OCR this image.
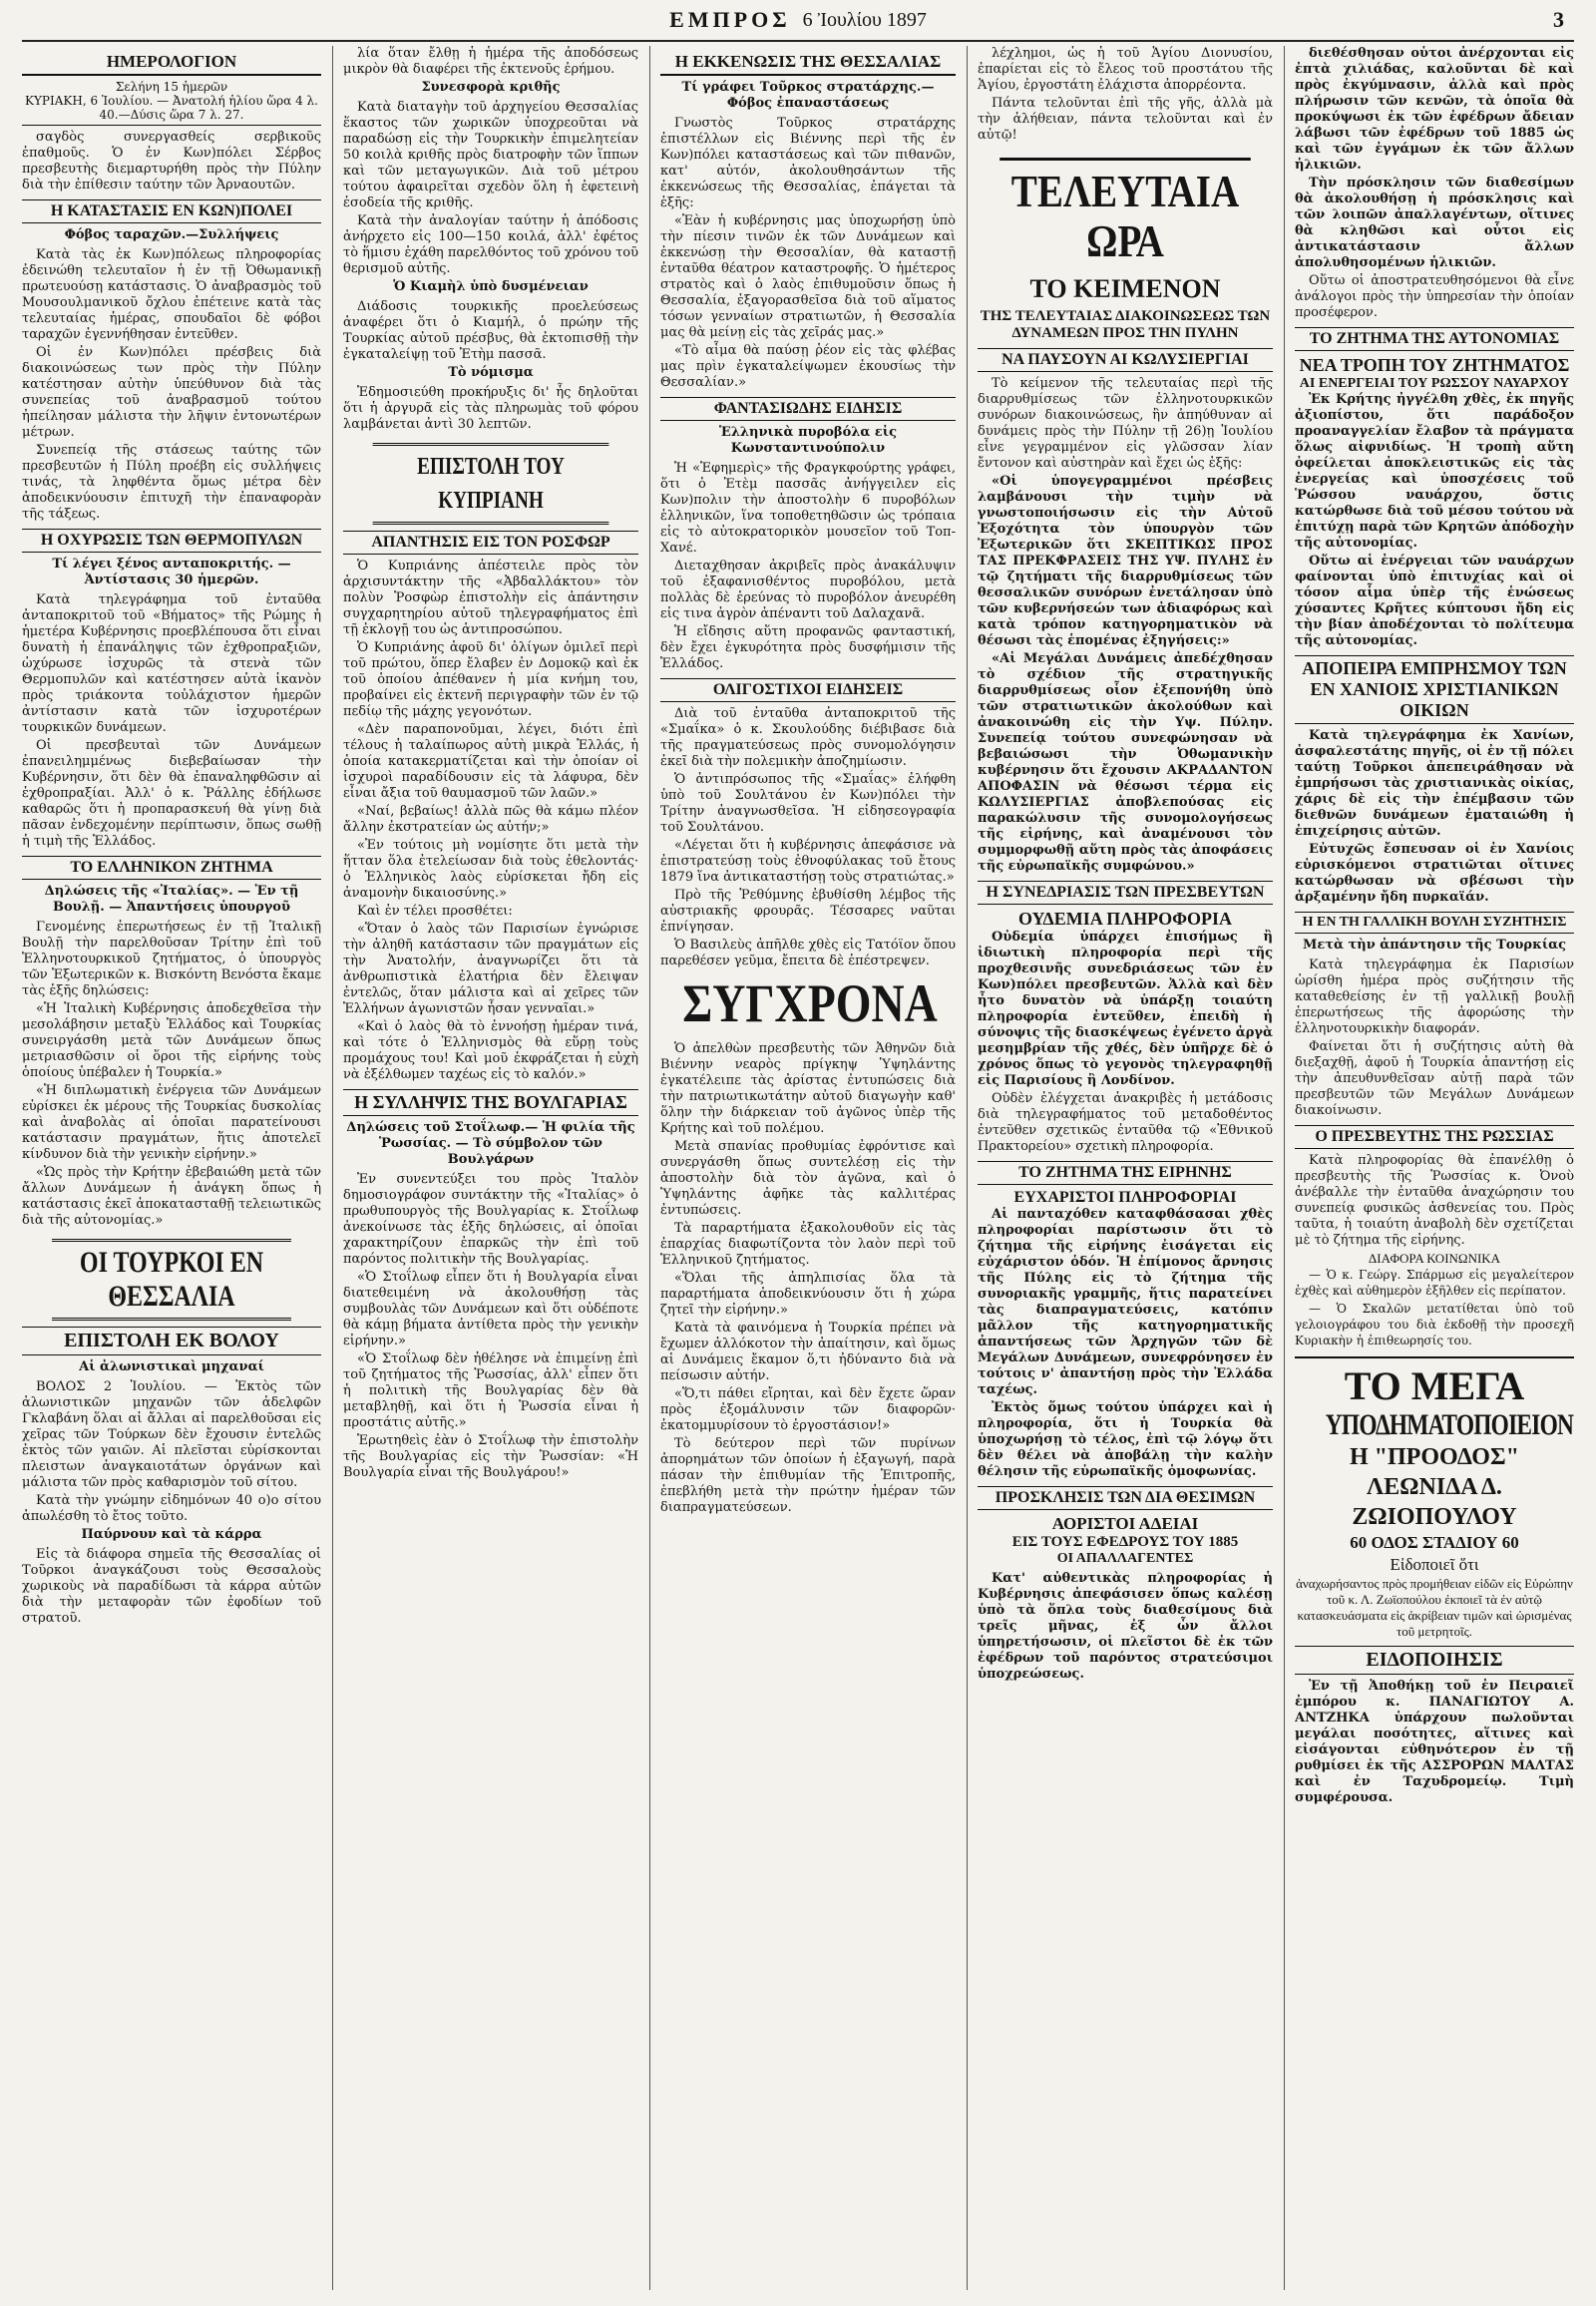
ΕΜΠΡΟΣ 6 Ἰουλίου 1897	3
ΗΜΕΡΟΛΟΓΙΟΝ
Σελήνη 15 ἡμερῶν
ΚΥΡΙΑΚΗ, 6 Ἰουλίου. — Ἀνατολή ἡλίου ὥρα 4 λ. 40.—Δύσις ὥρα 7 λ. 27.

σαγδὸς συνεργασθείς σερβικοῦς ἐπαθμοῦς. Ὁ ἐν Κων)πόλει Σέρβος πρεσβευτὴς διεμαρτυρήθη πρὸς τὴν Πύλην διὰ τὴν ἐπίθεσιν ταύτην τῶν Ἀρναουτῶν.

Η ΚΑΤΑΣΤΑΣΙΣ ΕΝ ΚΩΝ)ΠΟΛΕΙ
Φόβος ταραχῶν.—Συλλήψεις

Κατὰ τὰς ἐκ Κων)πόλεως πληροφορίας ἐδεινώθη τελευταῖον ἡ ἐν τῇ Ὀθωμανικῇ πρωτευούσῃ κατάστασις. Ὁ ἀναβρασμὸς τοῦ Μουσουλμανικοῦ ὄχλου ἐπέτεινε κατὰ τὰς τελευταίας ἡμέρας, σπουδαῖοι δὲ φόβοι ταραχῶν ἐγεννήθησαν ἐντεῦθεν.

Οἱ ἐν Κων)πόλει πρέσβεις διὰ διακοινώσεως των πρὸς τὴν Πύλην κατέστησαν αὐτὴν ὑπεύθυνον διὰ τὰς συνεπείας τοῦ ἀναβρασμοῦ τούτου ἠπείλησαν μάλιστα τὴν λῆψιν ἐντονωτέρων μέτρων.

Συνεπείᾳ τῆς στάσεως ταύτης τῶν πρεσβευτῶν ἡ Πύλη προέβη εἰς συλλήψεις τινάς, τὰ ληφθέντα ὅμως μέτρα δὲν ἀποδεικνύουσιν ἐπιτυχῆ τὴν ἐπαναφορὰν τῆς τάξεως.

Η ΟΧΥΡΩΣΙΣ ΤΩΝ ΘΕΡΜΟΠΥΛΩΝ
Τί λέγει ξένος ανταποκριτής. — Ἀντίστασις 30 ἡμερῶν.

Κατὰ τηλεγράφημα τοῦ ἐνταῦθα ἀνταποκριτοῦ τοῦ «Βήματος» τῆς Ρώμης ἡ ἡμετέρα Κυβέρνησις προεβλέπουσα ὅτι εἶναι δυνατὴ ἡ ἐπανάληψις τῶν ἐχθροπραξιῶν, ὠχύρωσε ἰσχυρῶς τὰ στενὰ τῶν Θερμοπυλῶν καὶ κατέστησεν αὐτὰ ἱκανὸν πρὸς τριάκοντα τοὐλάχιστον ἡμερῶν ἀντίστασιν κατὰ τῶν ἰσχυροτέρων τουρκικῶν δυνάμεων.

Οἱ πρεσβευταὶ τῶν Δυνάμεων ἐπανειλημμένως διεβεβαίωσαν τὴν Κυβέρνησιν, ὅτι δὲν θὰ ἐπαναληφθῶσιν αἱ ἐχθροπραξίαι. Ἀλλ' ὁ κ. Ῥάλλης ἐδήλωσε καθαρῶς ὅτι ἡ προπαρασκευή θὰ γίνῃ διὰ πᾶσαν ἐνδεχομένην περίπτωσιν, ὅπως σωθῇ ἡ τιμὴ τῆς Ἑλλάδος.

ΤΟ ΕΛΛΗΝΙΚΟΝ ΖΗΤΗΜΑ
Δηλώσεις τῆς «Ἰταλίας». — Ἐν τῇ Βουλῇ. — Ἀπαντήσεις ὑπουργοῦ

Γενομένης ἐπερωτήσεως ἐν τῇ Ἰταλικῇ Βουλῇ τὴν παρελθοῦσαν Τρίτην ἐπὶ τοῦ Ἑλληνοτουρκικοῦ ζητήματος, ὁ ὑπουργὸς τῶν Ἐξωτερικῶν κ. Βισκόντη Βενόστα ἔκαμε τὰς ἑξῆς δηλώσεις:

«Ἡ Ἰταλικὴ Κυβέρνησις ἀποδεχθεῖσα τὴν μεσολάβησιν μεταξὺ Ἑλλάδος καὶ Τουρκίας συνειργάσθη μετὰ τῶν Δυνάμεων ὅπως μετριασθῶσιν οἱ ὅροι τῆς εἰρήνης τοὺς ὁποίους ὑπέβαλεν ἡ Τουρκία.»

«Ἡ διπλωματικὴ ἐνέργεια τῶν Δυνάμεων εὑρίσκει ἐκ μέρους τῆς Τουρκίας δυσκολίας καὶ ἀναβολὰς αἱ ὁποῖαι παρατείνουσι κατάστασιν πραγμάτων, ἥτις ἀποτελεῖ κίνδυνον διὰ τὴν γενικὴν εἰρήνην.»

«Ὡς πρὸς τὴν Κρήτην ἐβεβαιώθη μετὰ τῶν ἄλλων Δυνάμεων ἡ ἀνάγκη ὅπως ἡ κατάστασις ἐκεῖ ἀποκατασταθῇ τελειωτικῶς διὰ τῆς αὐτονομίας.»

ΟΙ ΤΟΥΡΚΟΙ ΕΝ ΘΕΣΣΑΛΙΑ
ΕΠΙΣΤΟΛΗ ΕΚ ΒΟΛΟΥ
Αἱ ἀλωνιστικαὶ μηχαναί

ΒΟΛΟΣ 2 Ἰουλίου. — Ἐκτὸς τῶν ἀλωνιστικῶν μηχανῶν τῶν ἀδελφῶν Γκλαβάνη ὅλαι αἱ ἄλλαι αἱ παρελθοῦσαι εἰς χεῖρας τῶν Τούρκων δὲν ἔχουσιν ἐντελῶς ἐκτὸς τῶν γαιῶν. Αἱ πλεῖσται εὑρίσκονται πλειστων ἀναγκαιοτάτων ὀργάνων καὶ μάλιστα τῶν πρὸς καθαρισμὸν τοῦ σίτου.

Κατὰ τὴν γνώμην εἰδημόνων 40 ο)ο σίτου ἀπωλέσθη τὸ ἔτος τοῦτο.

Παύρνουν καὶ τὰ κάρρα

Εἰς τὰ διάφορα σημεῖα τῆς Θεσσαλίας οἱ Τοῦρκοι ἀναγκάζουσι τοὺς Θεσσαλοὺς χωρικοὺς νὰ παραδίδωσι τὰ κάρρα αὐτῶν διὰ τὴν μεταφορὰν τῶν ἐφοδίων τοῦ στρατοῦ.

λία ὅταν ἔλθῃ ἡ ἡμέρα τῆς ἀποδόσεως μικρὸν θὰ διαφέρει τῆς ἐκτενοῦς ἐρήμου.

Συνεσφορὰ κριθῆς

Κατὰ διαταγὴν τοῦ ἀρχηγείου Θεσσαλίας ἕκαστος τῶν χωρικῶν ὑποχρεοῦται νὰ παραδώσῃ εἰς τὴν Τουρκικὴν ἐπιμελητείαν 50 κοιλὰ κριθῆς πρὸς διατροφὴν τῶν ἵππων καὶ τῶν μεταγωγικῶν. Διὰ τοῦ μέτρου τούτου ἀφαιρεῖται σχεδὸν ὅλη ἡ ἐφετεινὴ ἐσοδεία τῆς κριθῆς.

Κατὰ τὴν ἀναλογίαν ταύτην ἡ ἀπόδοσις ἀνήρχετο εἰς 100—150 κοιλά, ἀλλ' ἐφέτος τὸ ἥμισυ ἐχάθη παρελθόντος τοῦ χρόνου τοῦ θερισμοῦ αὐτῆς.

Ὁ Κιαμὴλ ὑπὸ δυσμένειαν

Διάδοσις τουρκικῆς προελεύσεως ἀναφέρει ὅτι ὁ Κιαμήλ, ὁ πρώην τῆς Τουρκίας αὐτοῦ πρέσβυς, θὰ ἐκτοπισθῇ τὴν ἐγκαταλείψῃ τοῦ Ἐτὴμ πασσᾶ.

Τὸ νόμισμα

Ἐδημοσιεύθη προκήρυξις δι' ἧς δηλοῦται ὅτι ἡ ἀργυρᾶ εἰς τὰς πληρωμὰς τοῦ φόρου λαμβάνεται ἀντὶ 30 λεπτῶν.

ΕΠΙΣΤΟΛΗ ΤΟΥ ΚΥΠΡΙΑΝΗ
ΑΠΑΝΤΗΣΙΣ ΕΙΣ ΤΟΝ ΡΟΣΦΩΡ

Ὁ Κυπριάνης ἀπέστειλε πρὸς τὸν ἀρχισυντάκτην τῆς «Ἀβδαλλάκτου» τὸν πολὺν Ῥοσφὼρ ἐπιστολὴν εἰς ἀπάντησιν συγχαρητηρίου αὐτοῦ τηλεγραφήματος ἐπὶ τῇ ἐκλογῇ του ὡς ἀντιπροσώπου.

Ὁ Κυπριάνης ἀφοῦ δι' ὀλίγων ὁμιλεῖ περὶ τοῦ πρώτου, ὅπερ ἔλαβεν ἐν Δομοκῷ καὶ ἐκ τοῦ ὁποίου ἀπέθανεν ἡ μία κνήμη του, προβαίνει εἰς ἐκτενῆ περιγραφὴν τῶν ἐν τῷ πεδίῳ τῆς μάχης γεγονότων.

«Δὲν παραπονοῦμαι, λέγει, διότι ἐπὶ τέλους ἡ ταλαίπωρος αὐτὴ μικρὰ Ἑλλάς, ἡ ὁποία κατακερματίζεται καὶ τὴν ὁποίαν οἱ ἰσχυροὶ παραδίδουσιν εἰς τὰ λάφυρα, δὲν εἶναι ἄξια τοῦ θαυμασμοῦ τῶν λαῶν.»

«Ναί, βεβαίως! ἀλλὰ πῶς θὰ κάμω πλέον ἄλλην ἐκστρατείαν ὡς αὐτήν;»

«Ἐν τούτοις μὴ νομίσητε ὅτι μετὰ τὴν ἥτταν ὅλα ἐτελείωσαν διὰ τοὺς ἐθελοντάς· ὁ Ἑλληνικὸς λαὸς εὑρίσκεται ἤδη εἰς ἀναμονὴν δικαιοσύνης.»

Καὶ ἐν τέλει προσθέτει:

«Ὅταν ὁ λαὸς τῶν Παρισίων ἐγνώρισε τὴν ἀληθῆ κατάστασιν τῶν πραγμάτων εἰς τὴν Ἀνατολήν, ἀναγνωρίζει ὅτι τὰ ἀνθρωπιστικὰ ἐλατήρια δὲν ἔλειψαν ἐντελῶς, ὅταν μάλιστα καὶ αἱ χεῖρες τῶν Ἑλλήνων ἀγωνιστῶν ἦσαν γενναῖαι.»

«Καὶ ὁ λαὸς θὰ τὸ ἐννοήσῃ ἡμέραν τινά, καὶ τότε ὁ Ἑλληνισμὸς θὰ εὕρῃ τοὺς προμάχους του! Καὶ μοῦ ἐκφράζεται ἡ εὐχὴ νὰ ἐξέλθωμεν ταχέως εἰς τὸ καλόν.»

Η ΣΥΛΛΗΨΙΣ ΤΗΣ ΒΟΥΛΓΑΡΙΑΣ
Δηλώσεις τοῦ Στοΐλωφ.— Ἡ φιλία τῆς Ῥωσσίας. — Τὸ σύμβολον τῶν Βουλγάρων

Ἐν συνεντεύξει του πρὸς Ἰταλὸν δημοσιογράφον συντάκτην τῆς «Ἰταλίας» ὁ πρωθυπουργὸς τῆς Βουλγαρίας κ. Στοΐλωφ ἀνεκοίνωσε τὰς ἑξῆς δηλώσεις, αἱ ὁποῖαι χαρακτηρίζουν ἐπαρκῶς τὴν ἐπὶ τοῦ παρόντος πολιτικὴν τῆς Βουλγαρίας.

«Ὁ Στοΐλωφ εἶπεν ὅτι ἡ Βουλγαρία εἶναι διατεθειμένη νὰ ἀκολουθήσῃ τὰς συμβουλὰς τῶν Δυνάμεων καὶ ὅτι οὐδέποτε θὰ κάμῃ βήματα ἀντίθετα πρὸς τὴν γενικὴν εἰρήνην.»

«Ὁ Στοΐλωφ δὲν ἠθέλησε νὰ ἐπιμείνῃ ἐπὶ τοῦ ζητήματος τῆς Ῥωσσίας, ἀλλ' εἶπεν ὅτι ἡ πολιτικὴ τῆς Βουλγαρίας δὲν θὰ μεταβληθῇ, καὶ ὅτι ἡ Ῥωσσία εἶναι ἡ προστάτις αὐτῆς.»

Ἐρωτηθεὶς ἐὰν ὁ Στοΐλωφ τὴν ἐπιστολὴν τῆς Βουλγαρίας εἰς τὴν Ῥωσσίαν: «Ἡ Βουλγαρία εἶναι τῆς Βουλγάρου!»

Η ΕΚΚΕΝΩΣΙΣ ΤΗΣ ΘΕΣΣΑΛΙΑΣ
Τί γράφει Τοῦρκος στρατάρχης.—Φόβος ἐπαναστάσεως

Γνωστὸς Τοῦρκος στρατάρχης ἐπιστέλλων εἰς Βιέννης περὶ τῆς ἐν Κων)πόλει καταστάσεως καὶ τῶν πιθανῶν, κατ' αὐτόν, ἀκολουθησάντων τῆς ἐκκενώσεως τῆς Θεσσαλίας, ἐπάγεται τὰ ἑξῆς:

«Ἐὰν ἡ κυβέρνησις μας ὑποχωρήσῃ ὑπὸ τὴν πίεσιν τινῶν ἐκ τῶν Δυνάμεων καὶ ἐκκενώσῃ τὴν Θεσσαλίαν, θὰ καταστῇ ἐνταῦθα θέατρον καταστροφῆς. Ὁ ἡμέτερος στρατὸς καὶ ὁ λαὸς ἐπιθυμοῦσιν ὅπως ἡ Θεσσαλία, ἐξαγορασθεῖσα διὰ τοῦ αἵματος τόσων γενναίων στρατιωτῶν, ἡ Θεσσαλία μας θὰ μείνῃ εἰς τὰς χεῖράς μας.»

«Τὸ αἷμα θὰ παύσῃ ῥέον εἰς τὰς φλέβας μας πρὶν ἐγκαταλείψωμεν ἑκουσίως τὴν Θεσσαλίαν.»

ΦΑΝΤΑΣΙΩΔΗΣ ΕΙΔΗΣΙΣ
Ἑλληνικὰ πυροβόλα εἰς Κωνσταντινούπολιν

Ἡ «Ἐφημερὶς» τῆς Φραγκφούρτης γράφει, ὅτι ὁ Ἐτὲμ πασσᾶς ἀνήγγειλεν εἰς Κων)πολιν τὴν ἀποστολὴν 6 πυροβόλων ἑλληνικῶν, ἵνα τοποθετηθῶσιν ὡς τρόπαια εἰς τὸ αὐτοκρατορικὸν μουσεῖον τοῦ Τοπ-Χανέ.

Διεταχθησαν ἀκριβεῖς πρὸς ἀνακάλυψιν τοῦ ἐξαφανισθέντος πυροβόλου, μετὰ πολλὰς δὲ ἐρεύνας τὸ πυροβόλον ἀνευρέθη εἰς τινα ἀγρὸν ἀπέναντι τοῦ Δαλαχανᾶ.

Ἡ εἴδησις αὕτη προφανῶς φανταστική, δὲν ἔχει ἐγκυρότητα πρὸς δυσφήμισιν τῆς Ἑλλάδος.

ΟΛΙΓΟΣΤΙΧΟΙ ΕΙΔΗΣΕΙΣ

Διὰ τοῦ ἐνταῦθα ἀνταποκριτοῦ τῆς «Σμαΐκα» ὁ κ. Σκουλούδης διέβιβασε διὰ τῆς πραγματεύσεως πρὸς συνομολόγησιν ἐκεῖ διὰ τὴν πολεμικὴν ἀποζημίωσιν.

Ὁ ἀντιπρόσωπος τῆς «Σμαΐας» ἐλήφθη ὑπὸ τοῦ Σουλτάνου ἐν Κων)πόλει τὴν Τρίτην ἀναγνωσθεῖσα. Ἡ εἰδησεογραφία τοῦ Σουλτάνου.

«Λέγεται ὅτι ἡ κυβέρνησις ἀπεφάσισε νὰ ἐπιστρατεύσῃ τοὺς ἐθνοφύλακας τοῦ ἔτους 1879 ἵνα ἀντικαταστήσῃ τοὺς στρατιώτας.»

Πρὸ τῆς Ῥεθύμνης ἐβυθίσθη λέμβος τῆς αὐστριακῆς φρουρᾶς. Τέσσαρες ναῦται ἐπνίγησαν.

Ὁ Βασιλεὺς ἀπῆλθε χθὲς εἰς Τατόϊον ὅπου παρεθέσεν γεῦμα, ἔπειτα δὲ ἐπέστρεψεν.

ΣΥΓΧΡΟΝΑ

Ὁ ἀπελθὼν πρεσβευτὴς τῶν Ἀθηνῶν διὰ Βιέννην νεαρὸς πρίγκηψ Ὑψηλάντης ἐγκατέλειπε τὰς ἀρίστας ἐντυπώσεις διὰ τὴν πατριωτικωτάτην αὐτοῦ διαγωγὴν καθ' ὅλην τὴν διάρκειαν τοῦ ἀγῶνος ὑπὲρ τῆς Κρήτης καὶ τοῦ πολέμου.

Μετὰ σπανίας προθυμίας ἐφρόντισε καὶ συνεργάσθη ὅπως συντελέσῃ εἰς τὴν ἀποστολὴν διὰ τὸν ἀγῶνα, καὶ ὁ Ὑψηλάντης ἀφῆκε τὰς καλλιτέρας ἐντυπώσεις.

Τὰ παραρτήματα ἐξακολουθοῦν εἰς τὰς ἐπαρχίας διαφωτίζοντα τὸν λαὸν περὶ τοῦ Ἑλληνικοῦ ζητήματος.

«Ὅλαι τῆς ἀπηλπισίας ὅλα τὰ παραρτήματα ἀποδεικνύουσιν ὅτι ἡ χώρα ζητεῖ τὴν εἰρήνην.»

Κατὰ τὰ φαινόμενα ἡ Τουρκία πρέπει νὰ ἔχωμεν ἀλλόκοτον τὴν ἀπαίτησιν, καὶ ὅμως αἱ Δυνάμεις ἔκαμον ὅ,τι ἠδύναντο διὰ νὰ πείσωσιν αὐτήν.

«Ὅ,τι πάθει εἴρηται, καὶ δὲν ἔχετε ὥραν πρὸς ἐξομάλυνσιν τῶν διαφορῶν· ἐκατομμυρίσουν τὸ ἐργοστάσιον!»

Τὸ δεύτερον περὶ τῶν πυρίνων ἀπορημάτων τῶν ὁποίων ἡ ἐξαγωγή, παρὰ πάσαν τὴν ἐπιθυμίαν τῆς Ἐπιτροπῆς, ἐπεβλήθη μετὰ τὴν πρώτην ἡμέραν τῶν διαπραγματεύσεων.

λέχλημοι, ὡς ἡ τοῦ Ἁγίου Διονυσίου, ἐπαρίεται εἰς τὸ ἔλεος τοῦ προστάτου τῆς Ἁγίου, ἐργοστάτη ἐλάχιστα ἀπορρέοντα.

Πάντα τελοῦνται ἐπὶ τῆς γῆς, ἀλλὰ μὰ τὴν ἀλήθειαν, πάντα τελοῦνται καὶ ἐν αὐτῷ!

ΤΕΛΕΥΤΑΙΑ ΩΡΑ
ΤΟ ΚΕΙΜΕΝΟΝ
ΤΗΣ ΤΕΛΕΥΤΑΙΑΣ ΔΙΑΚΟΙΝΩΣΕΩΣ ΤΩΝ ΔΥΝΑΜΕΩΝ ΠΡΟΣ ΤΗΝ ΠΥΛΗΝ
ΝΑ ΠΑΥΣΟΥΝ ΑΙ ΚΩΛΥΣΙΕΡΓΙΑΙ

Τὸ κείμενον τῆς τελευταίας περὶ τῆς διαρρυθμίσεως τῶν ἑλληνοτουρκικῶν συνόρων διακοινώσεως, ἣν ἀπηύθυναν αἱ δυνάμεις πρὸς τὴν Πύλην τῇ 26)ῃ Ἰουλίου εἶνε γεγραμμένον εἰς γλῶσσαν λίαν ἔντονον καὶ αὐστηρὰν καὶ ἔχει ὡς ἑξῆς:

«Οἱ ὑπογεγραμμένοι πρέσβεις λαμβάνουσι τὴν τιμὴν νὰ γνωστοποιήσωσιν εἰς τὴν Αὐτοῦ Ἐξοχότητα τὸν ὑπουργὸν τῶν Ἐξωτερικῶν ὅτι ΣΚΕΠΤΙΚΩΣ ΠΡΟΣ ΤΑΣ ΠΡΕΚΦΡΑΣΕΙΣ ΤΗΣ ΥΨ. ΠΥΛΗΣ ἐν τῷ ζητήματι τῆς διαρρυθμίσεως τῶν θεσσαλικῶν συνόρων ἐνετάλησαν ὑπὸ τῶν κυβερνήσεών των ἀδιαφόρως καὶ κατὰ τρόπον κατηγορηματικὸν νὰ θέσωσι τὰς ἑπομένας ἐξηγήσεις:»

«Αἱ Μεγάλαι Δυνάμεις ἀπεδέχθησαν τὸ σχέδιον τῆς στρατηγικῆς διαρρυθμίσεως οἷον ἐξεπονήθη ὑπὸ τῶν στρατιωτικῶν ἀκολούθων καὶ ἀνακοινώθη εἰς τὴν Υψ. Πύλην. Συνεπείᾳ τούτου συνεφώνησαν νὰ βεβαιώσωσι τὴν Ὀθωμανικὴν κυβέρνησιν ὅτι ἔχουσιν ΑΚΡΑΔΑΝΤΟΝ ΑΠΟΦΑΣΙΝ νὰ θέσωσι τέρμα εἰς ΚΩΛΥΣΙΕΡΓΙΑΣ ἀποβλεπούσας εἰς παρακώλυσιν τῆς συνομολογήσεως τῆς εἰρήνης, καὶ ἀναμένουσι τὸν συμμορφωθῇ αὕτη πρὸς τὰς ἀποφάσεις τῆς εὐρωπαϊκῆς συμφώνου.»

Η ΣΥΝΕΔΡΙΑΣΙΣ ΤΩΝ ΠΡΕΣΒΕΥΤΩΝ
ΟΥΔΕΜΙΑ ΠΛΗΡΟΦΟΡΙΑ

Οὐδεμία ὑπάρχει ἐπισήμως ἢ ἰδιωτικὴ πληροφορία περὶ τῆς προχθεσινῆς συνεδριάσεως τῶν ἐν Κων)πόλει πρεσβευτῶν. Ἀλλὰ καὶ δὲν ἦτο δυνατὸν νὰ ὑπάρξῃ τοιαύτη πληροφορία ἐντεῦθεν, ἐπειδὴ ἡ σύνοψις τῆς διασκέψεως ἐγένετο ἀργὰ μεσημβρίαν τῆς χθές, δὲν ὑπῆρχε δὲ ὁ χρόνος ὅπως τὸ γεγονὸς τηλεγραφηθῇ εἰς Παρισίους ἢ Λονδίνον.

Οὐδὲν ἐλέγχεται ἀνακριβὲς ἡ μετάδοσις διὰ τηλεγραφήματος τοῦ μεταδοθέντος ἐντεῦθεν σχετικῶς ἐνταῦθα τῷ «Ἐθνικοῦ Πρακτορείου» σχετικὴ πληροφορία.

ΤΟ ΖΗΤΗΜΑ ΤΗΣ ΕΙΡΗΝΗΣ
ΕΥΧΑΡΙΣΤΟΙ ΠΛΗΡΟΦΟΡΙΑΙ

Αἱ πανταχόθεν καταφθάσασαι χθὲς πληροφορίαι παρίστωσιν ὅτι τὸ ζήτημα τῆς εἰρήνης ἐισάγεται εἰς εὐχάριστον ὁδόν. Ἡ ἐπίμονος ἄρνησις τῆς Πύλης εἰς τὸ ζήτημα τῆς συνοριακῆς γραμμῆς, ἥτις παρατείνει τὰς διαπραγματεύσεις, κατόπιν μᾶλλον τῆς κατηγορηματικῆς ἀπαντήσεως τῶν Ἀρχηγῶν τῶν δὲ Μεγάλων Δυνάμεων, συνεφρόνησεν ἐν τούτοις ν' ἀπαντήσῃ πρὸς τὴν Ἑλλάδα ταχέως.

Ἐκτὸς ὅμως τούτου ὑπάρχει καὶ ἡ πληροφορία, ὅτι ἡ Τουρκία θὰ ὑποχωρήσῃ τὸ τέλος, ἐπὶ τῷ λόγῳ ὅτι δὲν θέλει νὰ ἀποβάλῃ τὴν καλὴν θέλησιν τῆς εὐρωπαϊκῆς ὁμοφωνίας.

ΠΡΟΣΚΛΗΣΙΣ ΤΩΝ ΔΙΑ ΘΕΣΙΜΩΝ
ΑΟΡΙΣΤΟΙ ΑΔΕΙΑΙ
ΕΙΣ ΤΟΥΣ ΕΦΕΔΡΟΥΣ ΤΟΥ 1885
ΟΙ ΑΠΑΛΛΑΓΕΝΤΕΣ

Κατ' αὐθεντικὰς πληροφορίας ἡ Κυβέρνησις ἀπεφάσισεν ὅπως καλέσῃ ὑπὸ τὰ ὅπλα τοὺς διαθεσίμους διὰ τρεῖς μῆνας, ἐξ ὧν ἄλλοι ὑπηρετήσωσιν, οἱ πλεῖστοι δὲ ἐκ τῶν ἐφέδρων τοῦ παρόντος στρατεύσιμοι ὑποχρεώσεως.

διεθέσθησαν οὗτοι ἀνέρχονται εἰς ἐπτὰ χιλιάδας, καλοῦνται δὲ καὶ πρὸς ἐκγύμνασιν, ἀλλὰ καὶ πρὸς πλήρωσιν τῶν κενῶν, τὰ ὁποῖα θὰ προκύψωσι ἐκ τῶν ἐφέδρων ἄδειαν λάβωσι τῶν ἐφέδρων τοῦ 1885 ὡς καὶ τῶν ἐγγάμων ἐκ τῶν ἄλλων ἡλικιῶν.

Τὴν πρόσκλησιν τῶν διαθεσίμων θὰ ἀκολουθήσῃ ἡ πρόσκλησις καὶ τῶν λοιπῶν ἀπαλλαγέντων, οἵτινες θὰ κληθῶσι καὶ οὗτοι εἰς ἀντικατάστασιν ἄλλων ἀπολυθησομένων ἡλικιῶν.

Οὕτω οἱ ἀποστρατευθησόμενοι θὰ εἶνε ἀνάλογοι πρὸς τὴν ὑπηρεσίαν τὴν ὁποίαν προσέφερον.

ΤΟ ΖΗΤΗΜΑ ΤΗΣ ΑΥΤΟΝΟΜΙΑΣ
ΝΕΑ ΤΡΟΠΗ ΤΟΥ ΖΗΤΗΜΑΤΟΣ
ΑΙ ΕΝΕΡΓΕΙΑΙ ΤΟΥ ΡΩΣΣΟΥ ΝΑΥΑΡΧΟΥ

Ἐκ Κρήτης ἠγγέλθη χθὲς, ἐκ πηγῆς ἀξιοπίστου, ὅτι παράδοξον προαναγγελίαν ἔλαβον τὰ πράγματα ὅλως αἰφνιδίως. Ἡ τροπὴ αὕτη ὀφείλεται ἀποκλειστικῶς εἰς τὰς ἐνεργείας καὶ ὑποσχέσεις τοῦ Ῥώσσου ναυάρχου, ὅστις κατώρθωσε διὰ τοῦ μέσου τούτου νὰ ἐπιτύχῃ παρὰ τῶν Κρητῶν ἀπόδοχὴν τῆς αὐτονομίας.

Οὕτω αἱ ἐνέργειαι τῶν ναυάρχων φαίνονται ὑπὸ ἐπιτυχίας καὶ οἱ τόσον αἷμα ὑπὲρ τῆς ἑνώσεως χύσαντες Κρῆτες κύπτουσι ἤδη εἰς τὴν βίαν ἀποδέχονται τὸ πολίτευμα τῆς αὐτονομίας.

ΑΠΟΠΕΙΡΑ ΕΜΠΡΗΣΜΟΥ ΤΩΝ ΕΝ ΧΑΝΙΟΙΣ ΧΡΙΣΤΙΑΝΙΚΩΝ ΟΙΚΙΩΝ

Κατὰ τηλεγράφημα ἐκ Χανίων, ἀσφαλεστάτης πηγῆς, οἱ ἐν τῇ πόλει ταύτῃ Τοῦρκοι ἀπεπειράθησαν νὰ ἐμπρήσωσι τὰς χριστιανικὰς οἰκίας, χάρις δὲ εἰς τὴν ἐπέμβασιν τῶν διεθνῶν δυνάμεων ἐματαιώθη ἡ ἐπιχείρησις αὐτῶν.

Εὐτυχῶς ἔσπευσαν οἱ ἐν Χανίοις εὑρισκόμενοι στρατιῶται οἵτινες κατώρθωσαν νὰ σβέσωσι τὴν ἀρξαμένην ἤδη πυρκαϊάν.

Η ΕΝ ΤΗ ΓΑΛΛΙΚΗ ΒΟΥΛΗ ΣΥΖΗΤΗΣΙΣ
Μετὰ τὴν ἀπάντησιν τῆς Τουρκίας

Κατὰ τηλεγράφημα ἐκ Παρισίων ὡρίσθη ἡμέρα πρὸς συζήτησιν τῆς καταθεθείσης ἐν τῇ γαλλικῇ βουλῇ ἐπερωτήσεως τῆς ἀφορώσης τὴν ἑλληνοτουρκικὴν διαφοράν.

Φαίνεται ὅτι ἡ συζήτησις αὐτὴ θὰ διεξαχθῇ, ἀφοῦ ἡ Τουρκία ἀπαντήσῃ εἰς τὴν ἀπευθυνθεῖσαν αὐτῇ παρὰ τῶν πρεσβευτῶν τῶν Μεγάλων Δυνάμεων διακοίνωσιν.

Ο ΠΡΕΣΒΕΥΤΗΣ ΤΗΣ ΡΩΣΣΙΑΣ

Κατὰ πληροφορίας θὰ ἐπανέλθῃ ὁ πρεσβευτὴς τῆς Ῥωσσίας κ. Ὀνοὺ ἀνέβαλλε τὴν ἐνταῦθα ἀναχώρησιν του συνεπείᾳ φυσικῶς ἀσθενείας του. Πρὸς ταῦτα, ἡ τοιαύτη ἀναβολὴ δὲν σχετίζεται μὲ τὸ ζήτημα τῆς εἰρήνης.

ΔΙΑΦΟΡΑ ΚΟΙΝΩΝΙΚΑ

— Ὁ κ. Γεώργ. Σπάρμωσ εἰς μεγαλείτερον ἐχθὲς καὶ αὐθημερὸν ἐξῆλθεν εἰς περίπατον.

— Ὁ Σκαλῶν μετατίθεται ὑπὸ τοῦ γελοιογράφου του διὰ ἐκδοθῇ τὴν προσεχῆ Κυριακὴν ἡ ἐπιθεωρησίς του.

ΤΟ ΜΕΓΑ
ΥΠΟΔΗΜΑΤΟΠΟΙΕΙΟΝ
Η "ΠΡΟΟΔΟΣ"
ΛΕΩΝΙΔΑ Δ. ΖΩΙΟΠΟΥΛΟΥ
60 ΟΔΟΣ ΣΤΑΔΙΟΥ 60
Εἰδοποιεῖ ὅτι

ἀναχωρήσαντος πρὸς προμήθειαν εἰδῶν εἰς Εὐρώπην τοῦ κ. Λ. Ζωϊοπούλου ἐκποιεῖ τὰ ἐν αὐτῷ κατασκευάσματα εἰς ἀκρίβειαν τιμῶν καὶ ὡρισμένας τοῦ μετρητοῖς.

ΕΙΔΟΠΟΙΗΣΙΣ

Ἐν τῇ Ἀποθήκῃ τοῦ ἐν Πειραιεῖ ἐμπόρου κ. ΠΑΝΑΓΙΩΤΟΥ Α. ΑΝΤΖΗΚΑ ὑπάρχουν πωλοῦνται μεγάλαι ποσότητες, αἵτινες καὶ εἰσάγονται εὐθηνότερον ἐν τῇ ρυθμίσει ἐκ τῆς ΑΣΣΡΟΡΩΝ ΜΑΛΤΑΣ καὶ ἐν Ταχυδρομείῳ. Τιμὴ συμφέρουσα.
